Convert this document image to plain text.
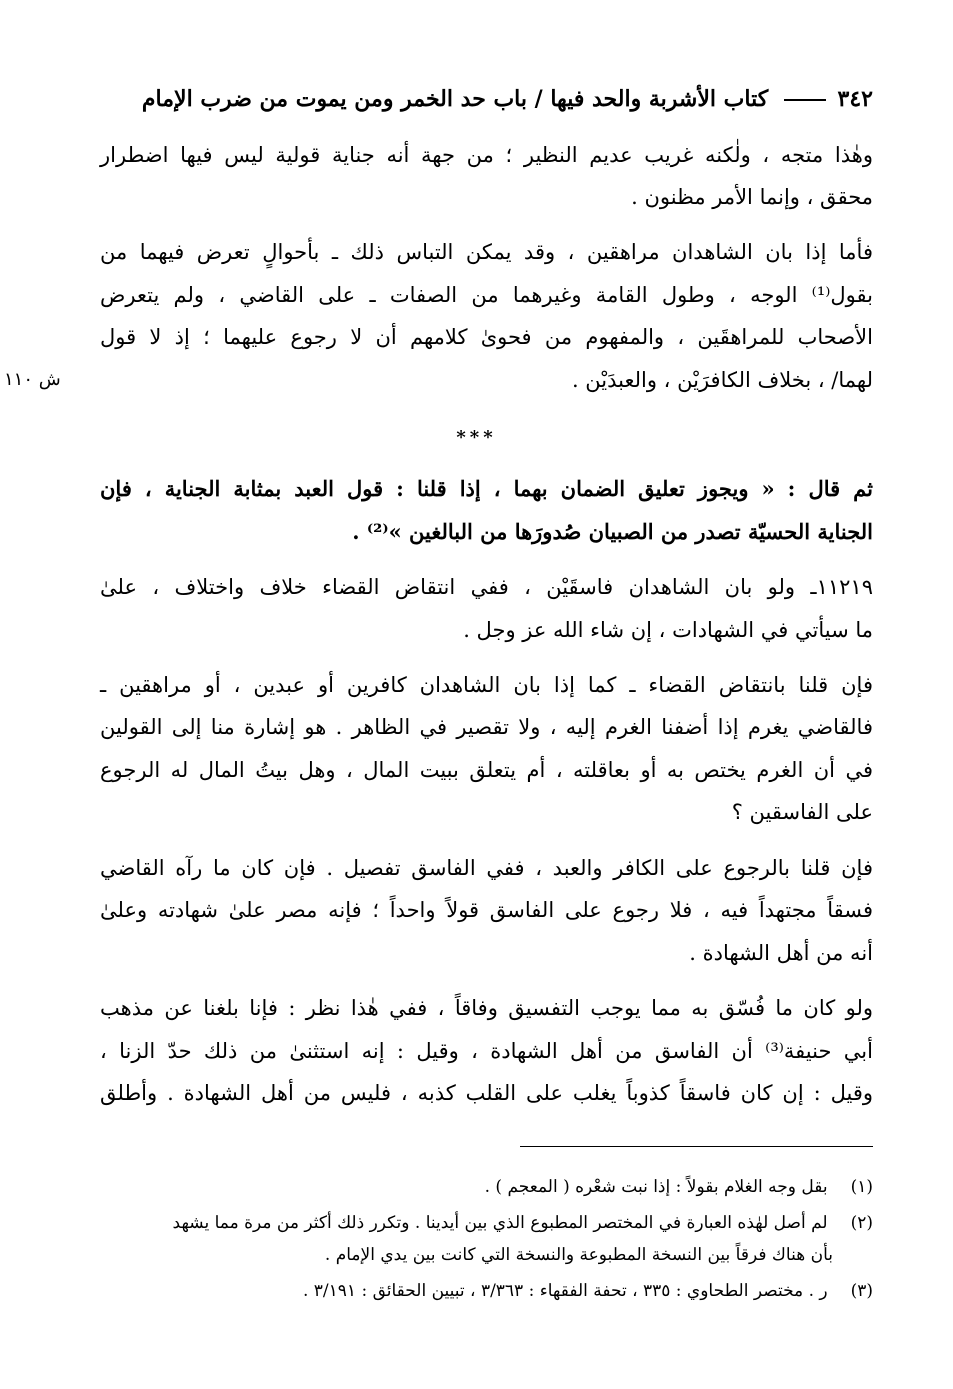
٣٤٢  كتاب الأشربة والحد فيها / باب حد الخمر ومن يموت من ضرب الإمام
وهٰذا متجه ، ولٰكنه غريب عديم النظير ؛ من جهة أنه جناية قولية ليس فيها اضطرار
محقق ، وإنما الأمر مظنون .
فأما إذا بان الشاهدان مراهقين ، وقد يمكن التباس ذلك ـ بأحوالٍ تعرض فيهما من
بقول⁽¹⁾ الوجه ، وطول القامة وغيرهما من الصفات ـ على القاضي ، ولم يتعرض
الأصحاب للمراهقَين ، والمفهوم من فحوىٰ كلامهم أن لا رجوع عليهما ؛ إذ لا قول
لهما/ ، بخلاف الكافرَيْن ، والعبدَيْن .
ش ١١٠
***
ثم قال : « ويجوز تعليق الضمان بهما ، إذا قلنا : قول العبد بمثابة الجناية ، فإن
الجناية الحسيّة تصدر من الصبيان صُدورَها من البالغين »⁽²⁾ .
١١٢١٩ـ ولو بان الشاهدان فاسقَيْن ، ففي انتقاض القضاء خلاف واختلاف ، علىٰ
ما سيأتي في الشهادات ، إن شاء الله عز وجل .
فإن قلنا بانتقاض القضاء ـ كما إذا بان الشاهدان كافرين أو عبدين ، أو مراهقين ـ
فالقاضي يغرم إذا أضفنا الغرم إليه ، ولا تقصير في الظاهر . هو إشارة منا إلى القولين
في أن الغرم يختص به أو بعاقلته ، أم يتعلق ببيت المال ، وهل بيتُ المال له الرجوع
على الفاسقين ؟
فإن قلنا بالرجوع على الكافر والعبد ، ففي الفاسق تفصيل . فإن كان ما رآه القاضي
فسقاً مجتهداً فيه ، فلا رجوع على الفاسق قولاً واحداً ؛ فإنه مصر علىٰ شهادته وعلىٰ
أنه من أهل الشهادة .
ولو كان ما فُسّق به مما يوجب التفسيق وفاقاً ، ففي هٰذا نظر : فإنا بلغنا عن مذهب
أبي حنيفة⁽³⁾ أن الفاسق من أهل الشهادة ، وقيل : إنه استثنىٰ من ذلك حدّ الزنا ،
وقيل : إن كان فاسقاً كذوباً يغلب على القلب كذبه ، فليس من أهل الشهادة . وأطلق
(١) بقل وجه الغلام بقولاً : إذا نبت شعْره ( المعجم ) .
(٢) لم أصل لهٰذه العبارة في المختصر المطبوع الذي بين أيدينا . وتكرر ذلك أكثر من مرة مما يشهد
بأن هناك فرقاً بين النسخة المطبوعة والنسخة التي كانت بين يدي الإمام .
(٣) ر . مختصر الطحاوي : ٣٣٥ ، تحفة الفقهاء : ٣/٣٦٣ ، تبيين الحقائق : ٣/١٩١ .
